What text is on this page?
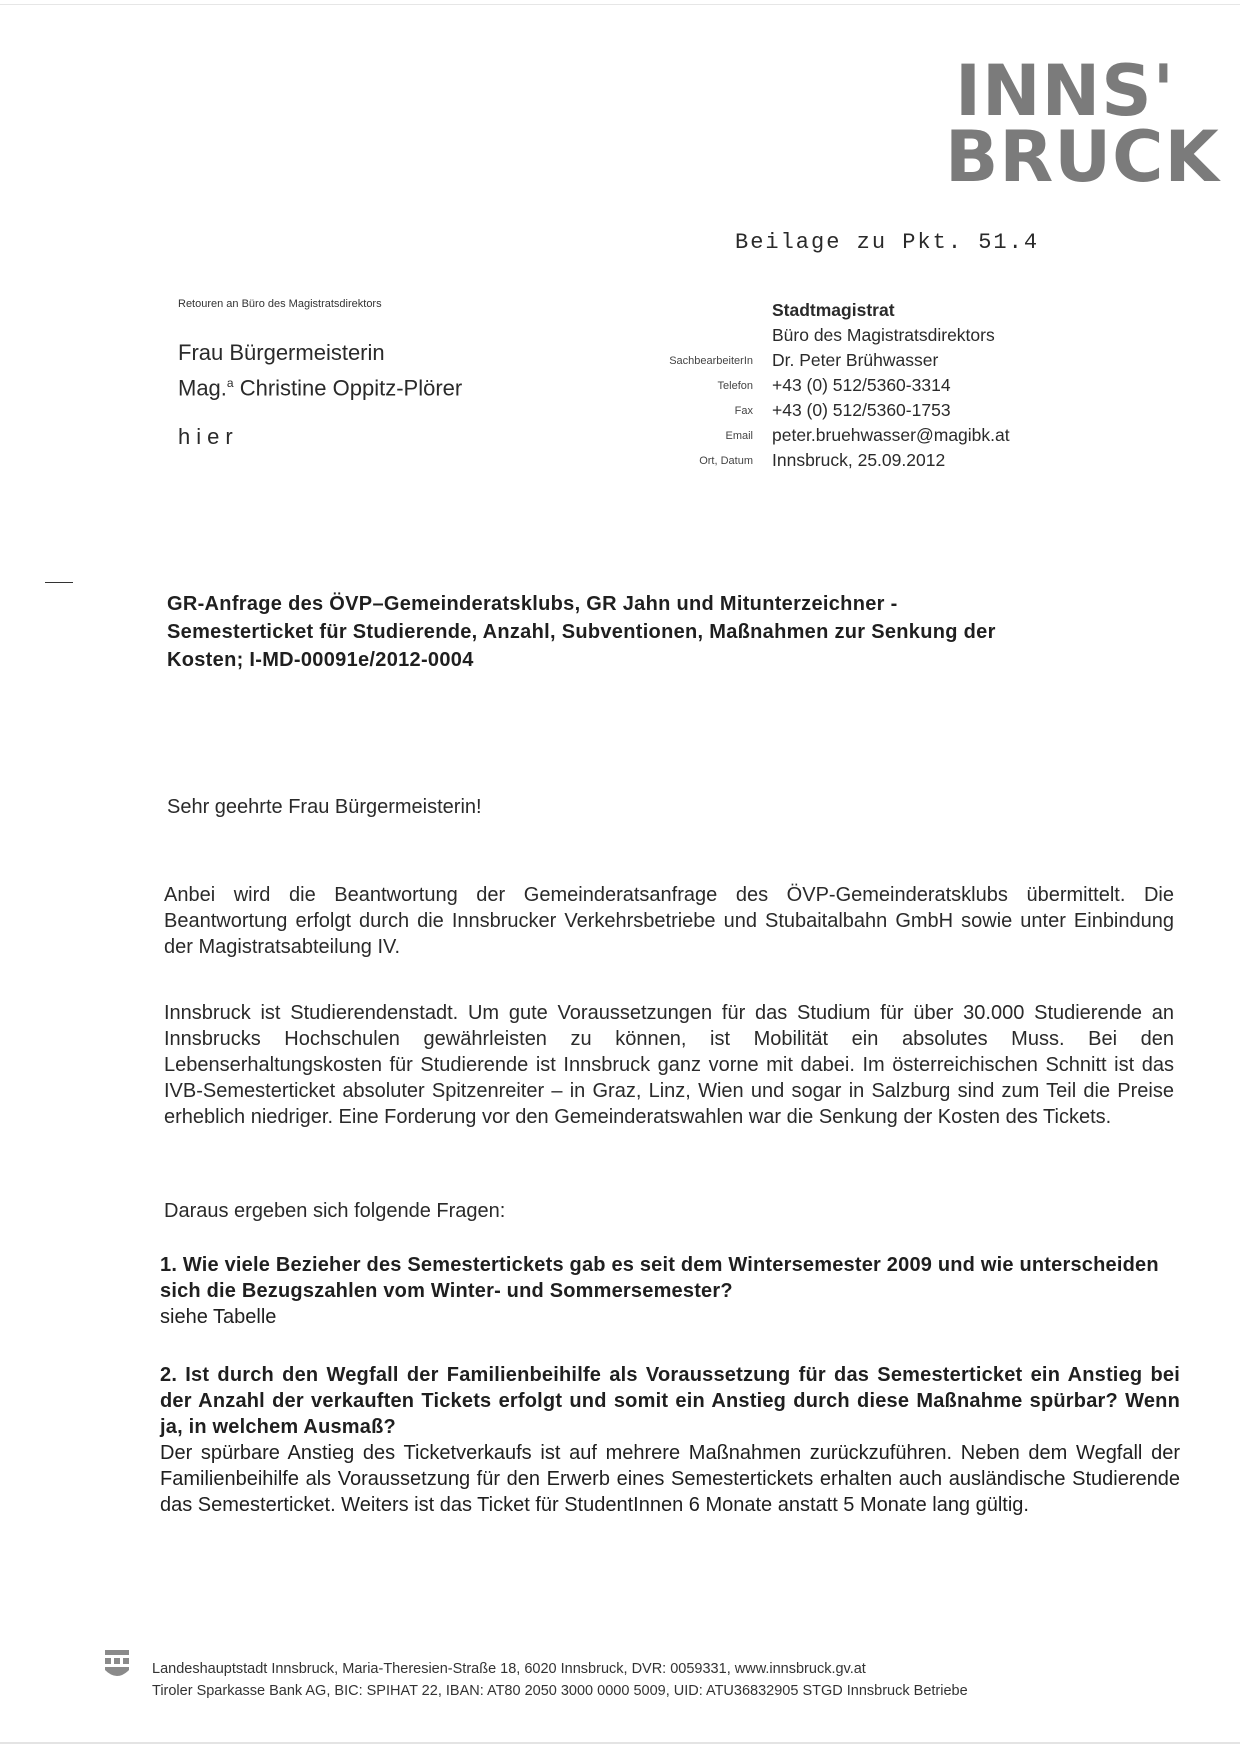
INNS'
BRUCK
Beilage zu Pkt. 51.4
Retouren an Büro des Magistratsdirektors
Frau Bürgermeisterin
Mag.$^a$ Christine Oppitz-Plörer
hier
	Stadtmagistrat
	Büro des Magistratsdirektors
SachbearbeiterIn	Dr. Peter Brühwasser
Telefon	+43 (0) 512/5360-3314
Fax	+43 (0) 512/5360-1753
Email	peter.bruehwasser@magibk.at
Ort, Datum	Innsbruck, 25.09.2012
GR-Anfrage des ÖVP–Gemeinderatsklubs, GR Jahn und Mitunterzeichner -
Semesterticket für Studierende, Anzahl, Subventionen, Maßnahmen zur Senkung der
Kosten; I-MD-00091e/2012-0004
Sehr geehrte Frau Bürgermeisterin!
Anbei wird die Beantwortung der Gemeinderatsanfrage des ÖVP-Gemeinderatsklubs übermittelt. Die Beantwortung erfolgt durch die Innsbrucker Verkehrsbetriebe und Stubaitalbahn GmbH sowie unter Einbindung der Magistratsabteilung IV.
Innsbruck ist Studierendenstadt. Um gute Voraussetzungen für das Studium für über 30.000 Studierende an Innsbrucks Hochschulen gewährleisten zu können, ist Mobilität ein absolutes Muss. Bei den Lebenserhaltungskosten für Studierende ist Innsbruck ganz vorne mit dabei. Im österreichischen Schnitt ist das IVB-Semesterticket absoluter Spitzenreiter – in Graz, Linz, Wien und sogar in Salzburg sind zum Teil die Preise erheblich niedriger. Eine Forderung vor den Gemeinderatswahlen war die Senkung der Kosten des Tickets.
Daraus ergeben sich folgende Fragen:
1. Wie viele Bezieher des Semestertickets gab es seit dem Wintersemester 2009 und wie unterscheiden sich die Bezugszahlen vom Winter- und Sommersemester?
siehe Tabelle
2. Ist durch den Wegfall der Familienbeihilfe als Voraussetzung für das Semesterticket ein Anstieg bei der Anzahl der verkauften Tickets erfolgt und somit ein Anstieg durch diese Maßnahme spürbar? Wenn ja, in welchem Ausmaß?
Der spürbare Anstieg des Ticketverkaufs ist auf mehrere Maßnahmen zurückzuführen. Neben dem Wegfall der Familienbeihilfe als Voraussetzung für den Erwerb eines Semestertickets erhalten auch ausländische Studierende das Semesterticket. Weiters ist das Ticket für StudentInnen 6 Monate anstatt 5 Monate lang gültig.
Landeshauptstadt Innsbruck, Maria-Theresien-Straße 18, 6020 Innsbruck, DVR: 0059331, www.innsbruck.gv.at
Tiroler Sparkasse Bank AG, BIC: SPIHAT 22, IBAN: AT80 2050 3000 0000 5009, UID: ATU36832905 STGD Innsbruck Betriebe
